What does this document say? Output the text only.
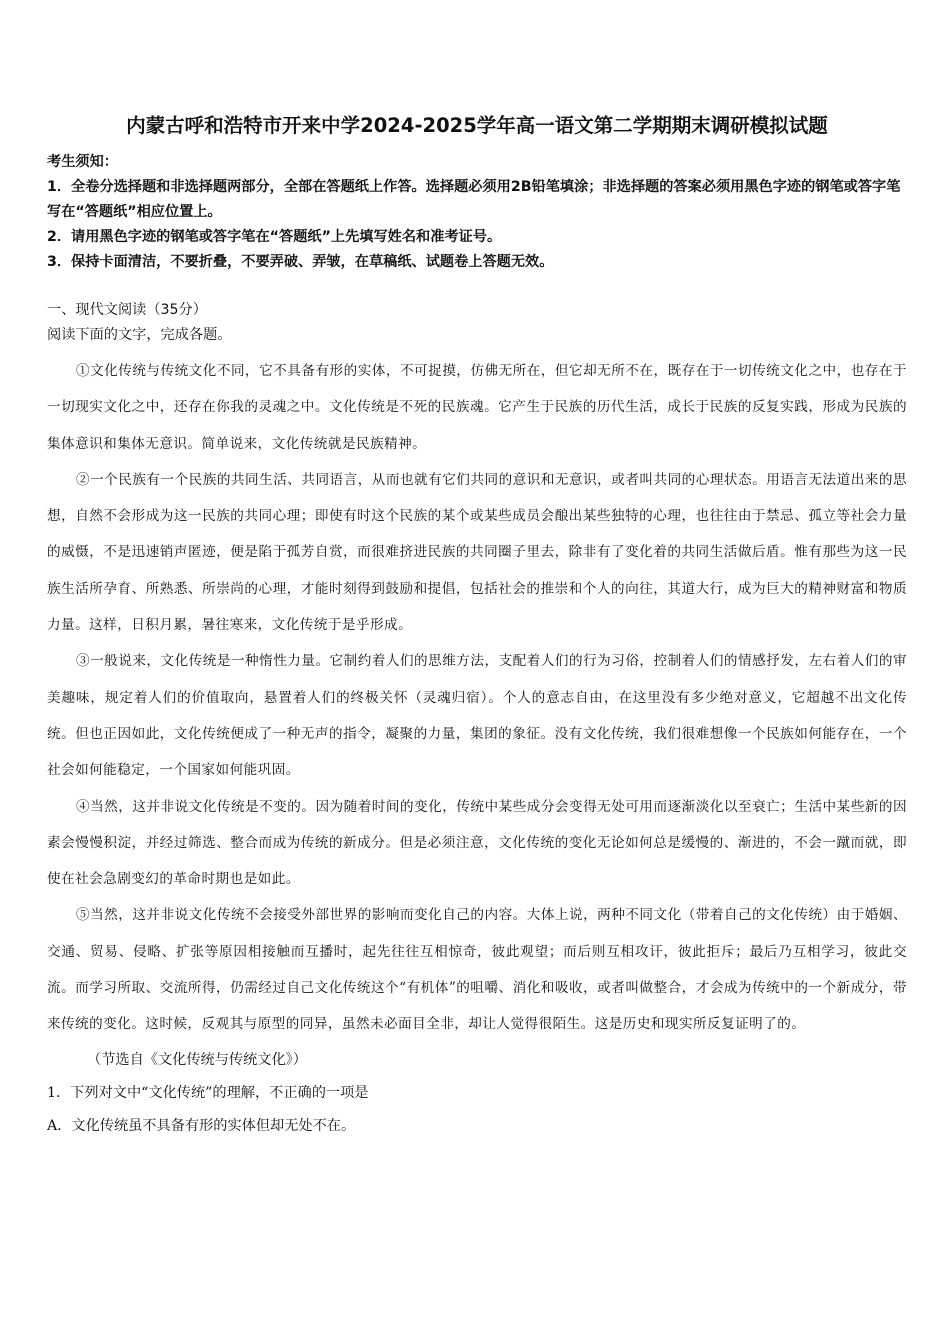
内蒙古呼和浩特市开来中学2024-2025学年高一语文第二学期期末调研模拟试题

考生须知：

1．全卷分选择题和非选择题两部分，全部在答题纸上作答。选择题必须用2B铅笔填涂；非选择题的答案必须用黑色字迹的钢笔或答字笔写在“答题纸”相应位置上。

2．请用黑色字迹的钢笔或答字笔在“答题纸”上先填写姓名和准考证号。

3．保持卡面清洁，不要折叠，不要弄破、弄皱，在草稿纸、试题卷上答题无效。

一、现代文阅读（35分）

阅读下面的文字，完成各题。

①文化传统与传统文化不同，它不具备有形的实体，不可捉摸，仿佛无所在，但它却无所不在，既存在于一切传统文化之中，也存在于一切现实文化之中，还存在你我的灵魂之中。文化传统是不死的民族魂。它产生于民族的历代生活，成长于民族的反复实践，形成为民族的集体意识和集体无意识。简单说来，文化传统就是民族精神。

②一个民族有一个民族的共同生活、共同语言，从而也就有它们共同的意识和无意识，或者叫共同的心理状态。用语言无法道出来的思想，自然不会形成为这一民族的共同心理；即使有时这个民族的某个或某些成员会酿出某些独特的心理，也往往由于禁忌、孤立等社会力量的威慑，不是迅速销声匿迹，便是陷于孤芳自赏，而很难挤进民族的共同圈子里去，除非有了变化着的共同生活做后盾。惟有那些为这一民族生活所孕育、所熟悉、所崇尚的心理，才能时刻得到鼓励和提倡，包括社会的推崇和个人的向往，其道大行，成为巨大的精神财富和物质力量。这样，日积月累，暑往寒来，文化传统于是乎形成。

③一般说来，文化传统是一种惰性力量。它制约着人们的思维方法，支配着人们的行为习俗，控制着人们的情感抒发，左右着人们的审美趣味，规定着人们的价值取向，悬置着人们的终极关怀（灵魂归宿）。个人的意志自由，在这里没有多少绝对意义，它超越不出文化传统。但也正因如此，文化传统便成了一种无声的指令，凝聚的力量，集团的象征。没有文化传统，我们很难想像一个民族如何能存在，一个社会如何能稳定，一个国家如何能巩固。

④当然，这并非说文化传统是不变的。因为随着时间的变化，传统中某些成分会变得无处可用而逐渐淡化以至衰亡；生活中某些新的因素会慢慢积淀，并经过筛选、整合而成为传统的新成分。但是必须注意，文化传统的变化无论如何总是缓慢的、渐进的，不会一蹴而就，即使在社会急剧变幻的革命时期也是如此。

⑤当然，这并非说文化传统不会接受外部世界的影响而变化自己的内容。大体上说，两种不同文化（带着自己的文化传统）由于婚姻、交通、贸易、侵略、扩张等原因相接触而互播时，起先往往互相惊奇，彼此观望；而后则互相攻讦，彼此拒斥；最后乃互相学习，彼此交流。而学习所取、交流所得，仍需经过自己文化传统这个“有机体”的咀嚼、消化和吸收，或者叫做整合，才会成为传统中的一个新成分，带来传统的变化。这时候，反观其与原型的同异，虽然未必面目全非，却让人觉得很陌生。这是历史和现实所反复证明了的。

（节选自《文化传统与传统文化》）
1．下列对文中“文化传统”的理解，不正确的一项是
A．文化传统虽不具备有形的实体但却无处不在。
